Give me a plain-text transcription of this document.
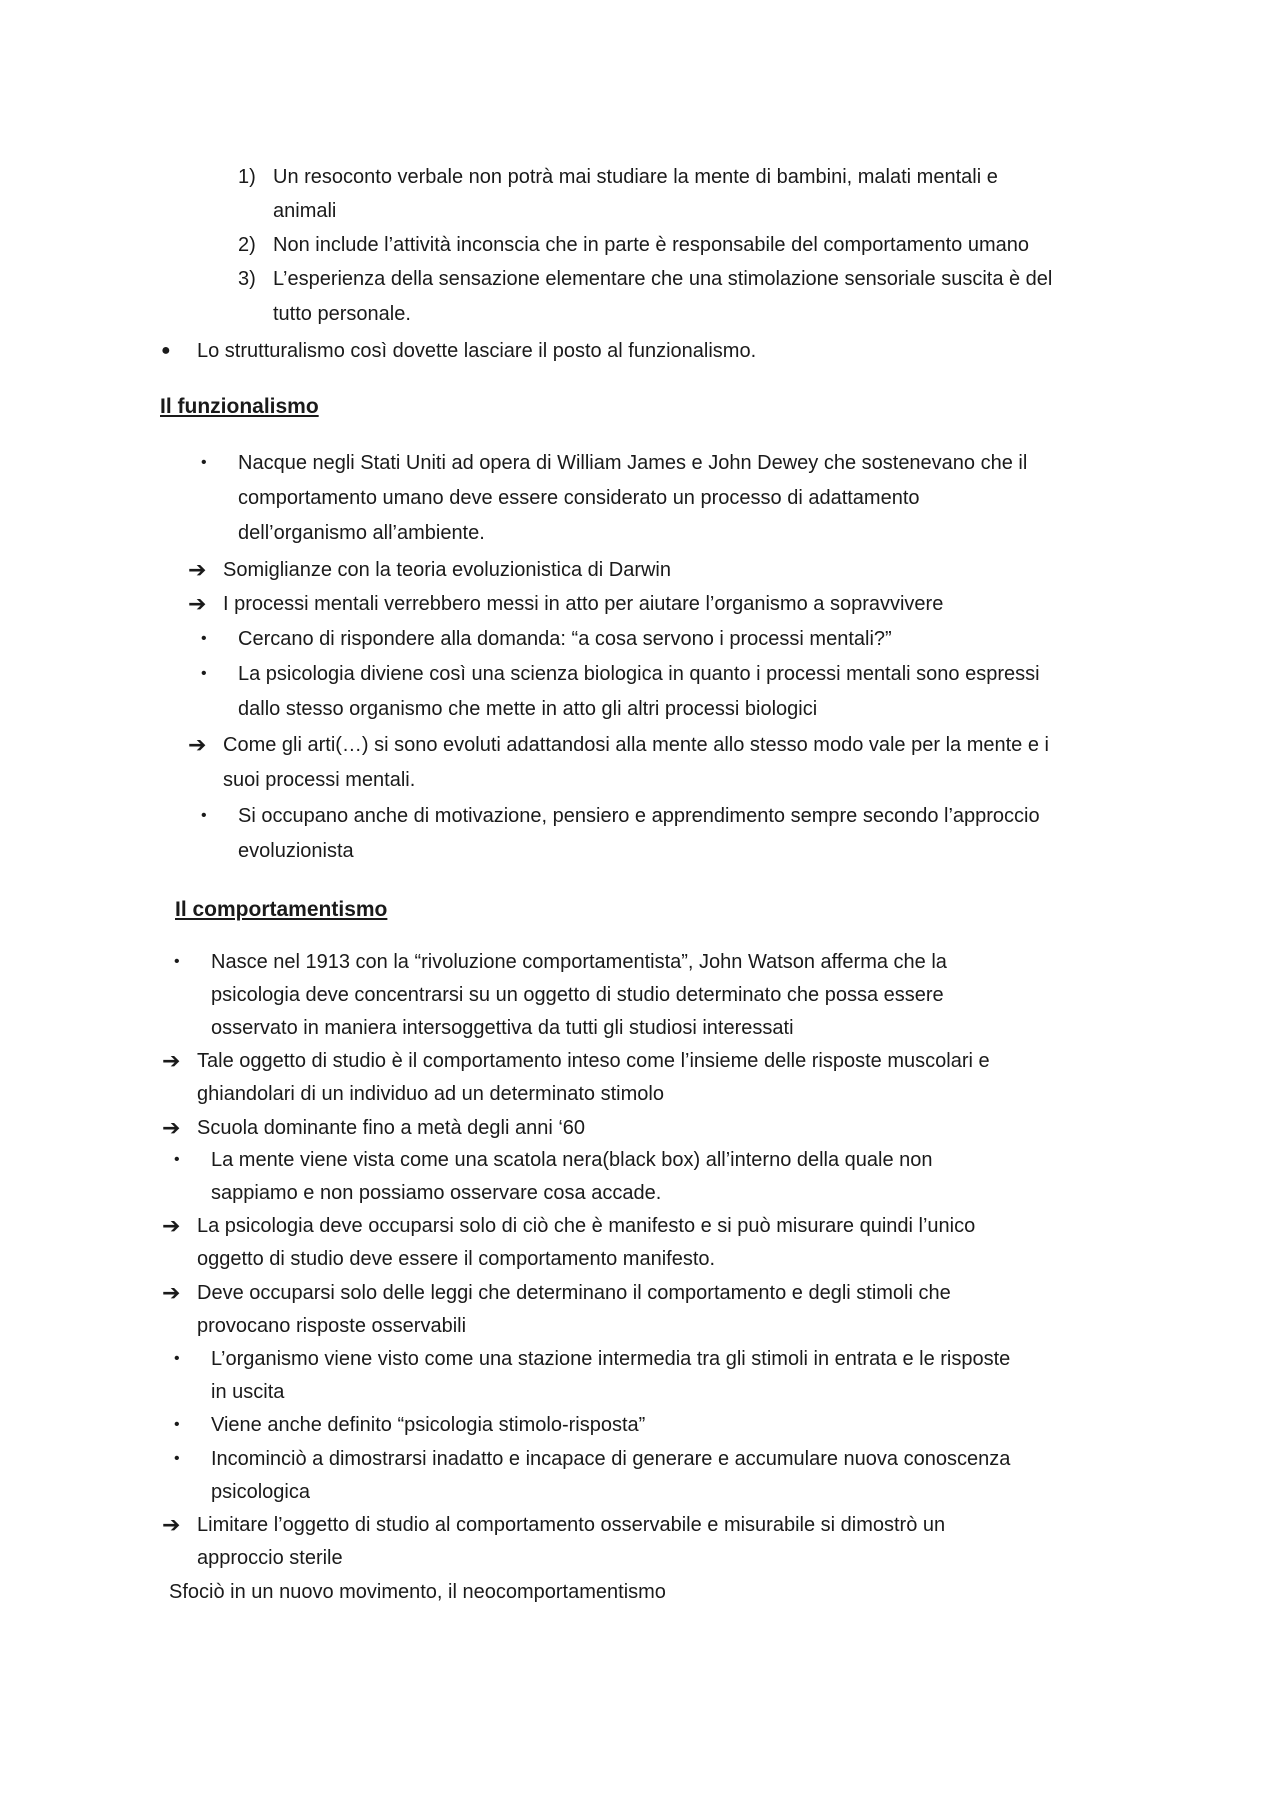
1) Un resoconto verbale non potrà mai studiare la mente di bambini, malati mentali e
animali
2) Non include l’attività inconscia che in parte è responsabile del comportamento umano
3) L’esperienza della sensazione elementare che una stimolazione sensoriale suscita è del
tutto personale.
● Lo strutturalismo così dovette lasciare il posto al funzionalismo.
Il funzionalismo
• Nacque negli Stati Uniti ad opera di William James e John Dewey che sostenevano che il
comportamento umano deve essere considerato un processo di adattamento
dell’organismo all’ambiente.
➔ Somiglianze con la teoria evoluzionistica di Darwin
➔ I processi mentali verrebbero messi in atto per aiutare l’organismo a sopravvivere
• Cercano di rispondere alla domanda: “a cosa servono i processi mentali?”
• La psicologia diviene così una scienza biologica in quanto i processi mentali sono espressi
dallo stesso organismo che mette in atto gli altri processi biologici
➔ Come gli arti(…) si sono evoluti adattandosi alla mente allo stesso modo vale per la mente e i
suoi processi mentali.
• Si occupano anche di motivazione, pensiero e apprendimento sempre secondo l’approccio
evoluzionista
Il comportamentismo
• Nasce nel 1913 con la “rivoluzione comportamentista”, John Watson afferma che la
psicologia deve concentrarsi su un oggetto di studio determinato che possa essere
osservato in maniera intersoggettiva da tutti gli studiosi interessati
➔ Tale oggetto di studio è il comportamento inteso come l’insieme delle risposte muscolari e
ghiandolari di un individuo ad un determinato stimolo
➔ Scuola dominante fino a metà degli anni ‘60
• La mente viene vista come una scatola nera(black box) all’interno della quale non
sappiamo e non possiamo osservare cosa accade.
➔ La psicologia deve occuparsi solo di ciò che è manifesto e si può misurare quindi l’unico
oggetto di studio deve essere il comportamento manifesto.
➔ Deve occuparsi solo delle leggi che determinano il comportamento e degli stimoli che
provocano risposte osservabili
• L’organismo viene visto come una stazione intermedia tra gli stimoli in entrata e le risposte
in uscita
• Viene anche definito “psicologia stimolo-risposta”
• Incominciò a dimostrarsi inadatto e incapace di generare e accumulare nuova conoscenza
psicologica
➔ Limitare l’oggetto di studio al comportamento osservabile e misurabile si dimostrò un
approccio sterile
Sfociò in un nuovo movimento, il neocomportamentismo
